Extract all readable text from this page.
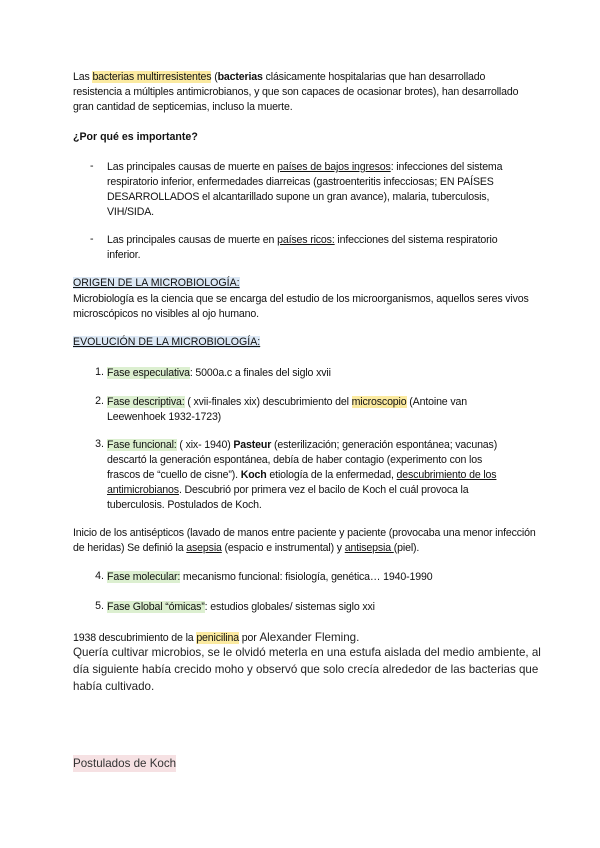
Las bacterias multirresistentes (bacterias clásicamente hospitalarias que han desarrollado resistencia a múltiples antimicrobianos, y que son capaces de ocasionar brotes), han desarrollado gran cantidad de septicemias, incluso la muerte.
¿Por qué es importante?
- Las principales causas de muerte en países de bajos ingresos: infecciones del sistema respiratorio inferior, enfermedades diarreicas (gastroenteritis infecciosas; EN PAÍSES DESARROLLADOS el alcantarillado supone un gran avance), malaria, tuberculosis, VIH/SIDA.
- Las principales causas de muerte en países ricos: infecciones del sistema respiratorio inferior.
ORIGEN DE LA MICROBIOLOGÍA:
Microbiología es la ciencia que se encarga del estudio de los microorganismos, aquellos seres vivos microscópicos no visibles al ojo humano.
EVOLUCIÓN DE LA MICROBIOLOGÍA:
1. Fase especulativa: 5000a.c a finales del siglo xvii
2. Fase descriptiva: ( xvii-finales xix) descubrimiento del microscopio (Antoine van Leewenhoek 1932-1723)
3. Fase funcional: ( xix- 1940) Pasteur (esterilización; generación espontánea; vacunas) descartó la generación espontánea, debía de haber contagio (experimento con los frascos de “cuello de cisne”). Koch etiología de la enfermedad, descubrimiento de los antimicrobianos. Descubrió por primera vez el bacilo de Koch el cuál provoca la tuberculosis. Postulados de Koch.
Inicio de los antisépticos (lavado de manos entre paciente y paciente (provocaba una menor infección de heridas) Se definió la asepsia (espacio e instrumental) y antisepsia (piel).
4. Fase molecular: mecanismo funcional: fisiología, genética… 1940-1990
5. Fase Global “ómicas”: estudios globales/ sistemas siglo xxi
1938 descubrimiento de la penicilina por Alexander Fleming.
Quería cultivar microbios, se le olvidó meterla en una estufa aislada del medio ambiente, al día siguiente había crecido moho y observó que solo crecía alrededor de las bacterias que había cultivado.
Postulados de Koch
